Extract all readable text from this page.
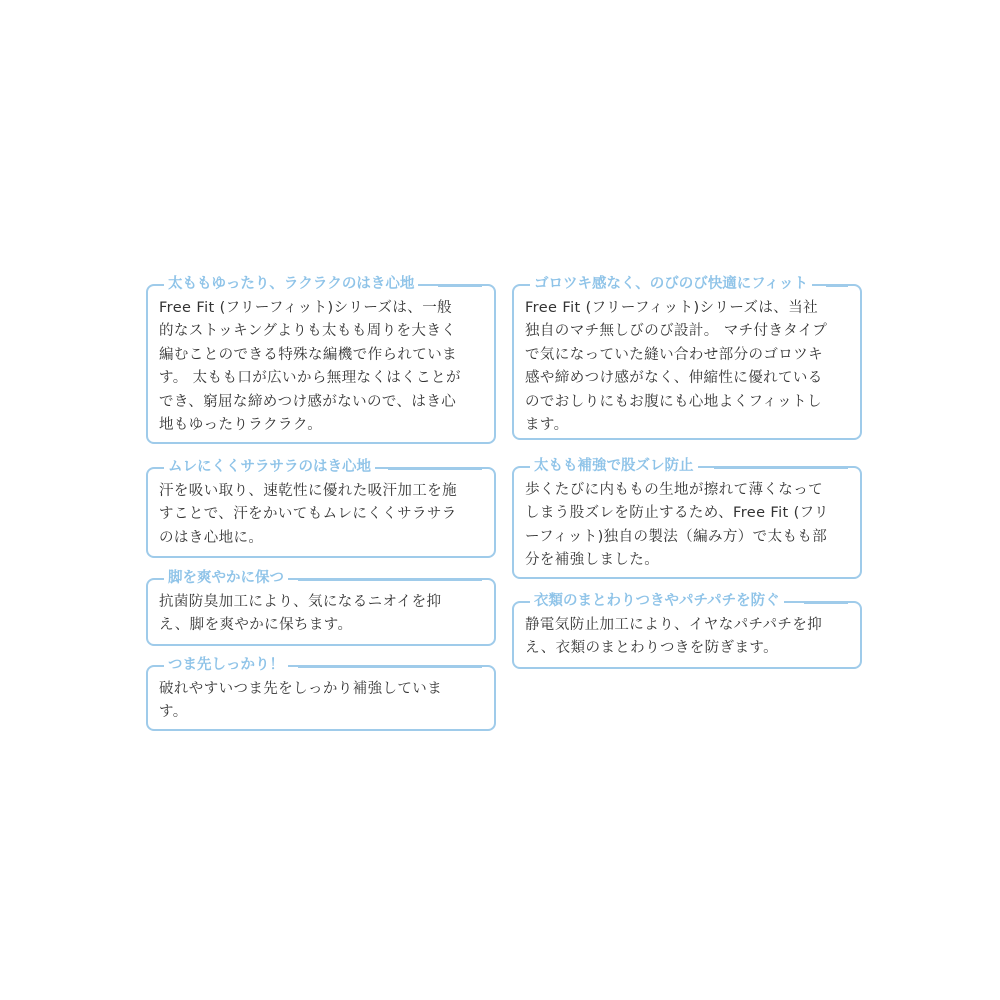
太ももゆったり、ラクラクのはき心地

Free Fit (フリーフィット)シリーズは、一般
的なストッキングよりも太もも周りを大きく
編むことのできる特殊な編機で作られていま
す。 太もも口が広いから無理なくはくことが
でき、窮屈な締めつけ感がないので、はき心
地もゆったりラクラク。

ムレにくくサラサラのはき心地

汗を吸い取り、速乾性に優れた吸汗加工を施
すことで、汗をかいてもムレにくくサラサラ
のはき心地に。

脚を爽やかに保つ

抗菌防臭加工により、気になるニオイを抑
え、脚を爽やかに保ちます。

つま先しっかり！

破れやすいつま先をしっかり補強していま
す。

ゴロツキ感なく、のびのび快適にフィット

Free Fit (フリーフィット)シリーズは、当社
独自のマチ無しびのび設計。 マチ付きタイプ
で気になっていた縫い合わせ部分のゴロツキ
感や締めつけ感がなく、伸縮性に優れている
のでおしりにもお腹にも心地よくフィットし
ます。

太もも補強で股ズレ防止

歩くたびに内ももの生地が擦れて薄くなって
しまう股ズレを防止するため、Free Fit (フリ
ーフィット)独自の製法（編み方）で太もも部
分を補強しました。

衣類のまとわりつきやパチパチを防ぐ

静電気防止加工により、イヤなパチパチを抑
え、衣類のまとわりつきを防ぎます。
